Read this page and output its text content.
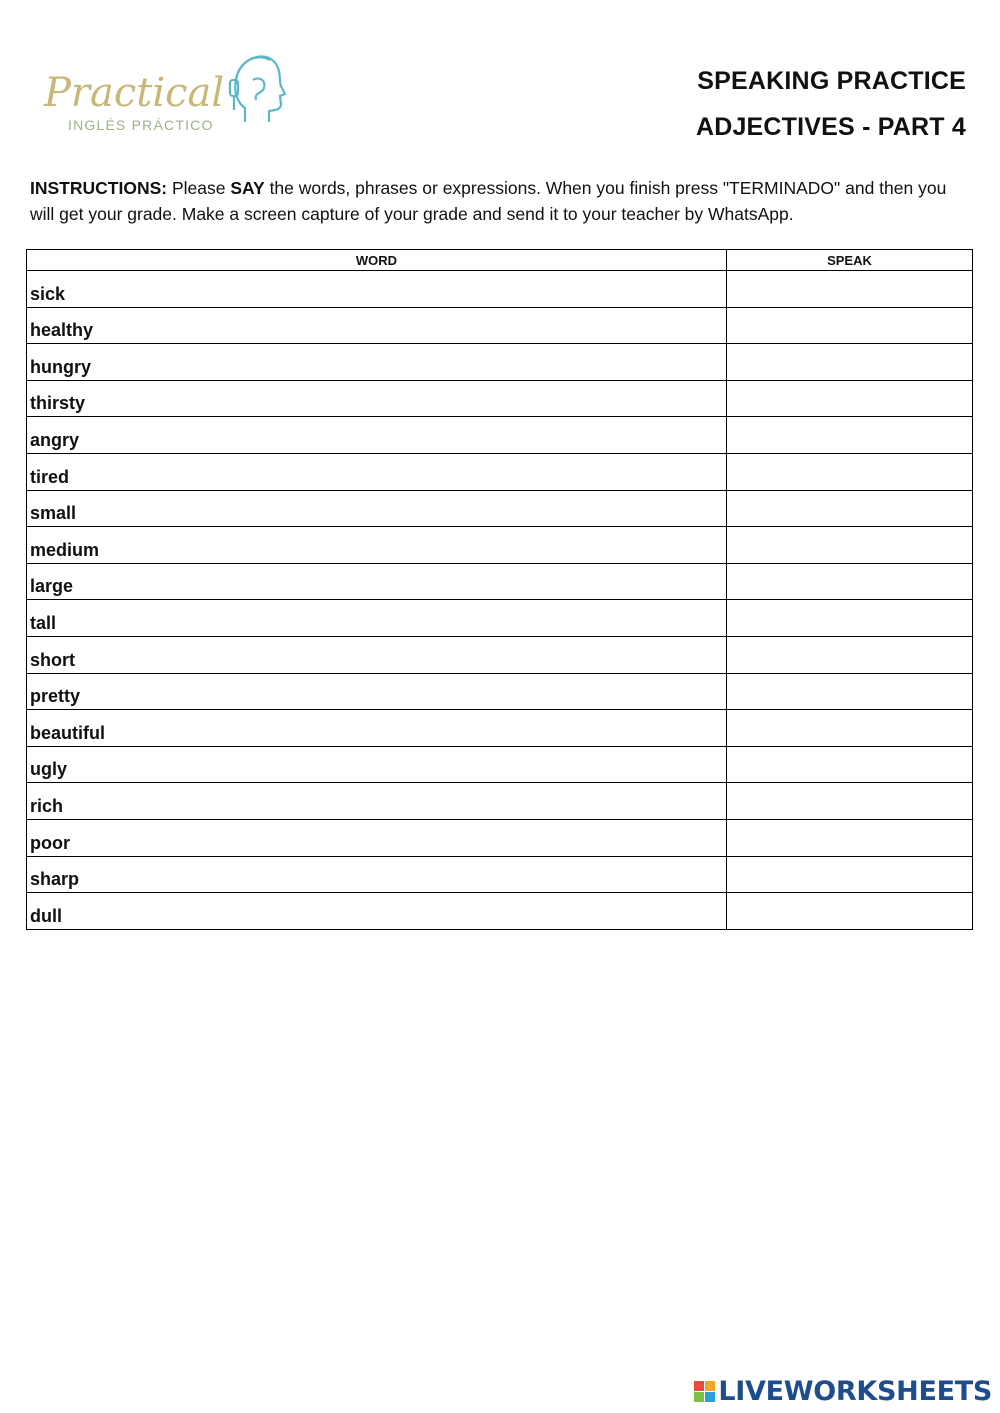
Practical
INGLÉS PRÁCTICO
SPEAKING PRACTICE
ADJECTIVES - PART 4
INSTRUCTIONS: Please SAY the words, phrases or expressions. When you finish press "TERMINADO" and then you will get your grade. Make a screen capture of your grade and send it to your teacher by WhatsApp.
WORD	SPEAK
sick	
healthy	
hungry	
thirsty	
angry	
tired	
small	
medium	
large	
tall	
short	
pretty	
beautiful	
ugly	
rich	
poor	
sharp	
dull	
LIVEWORKSHEETS
